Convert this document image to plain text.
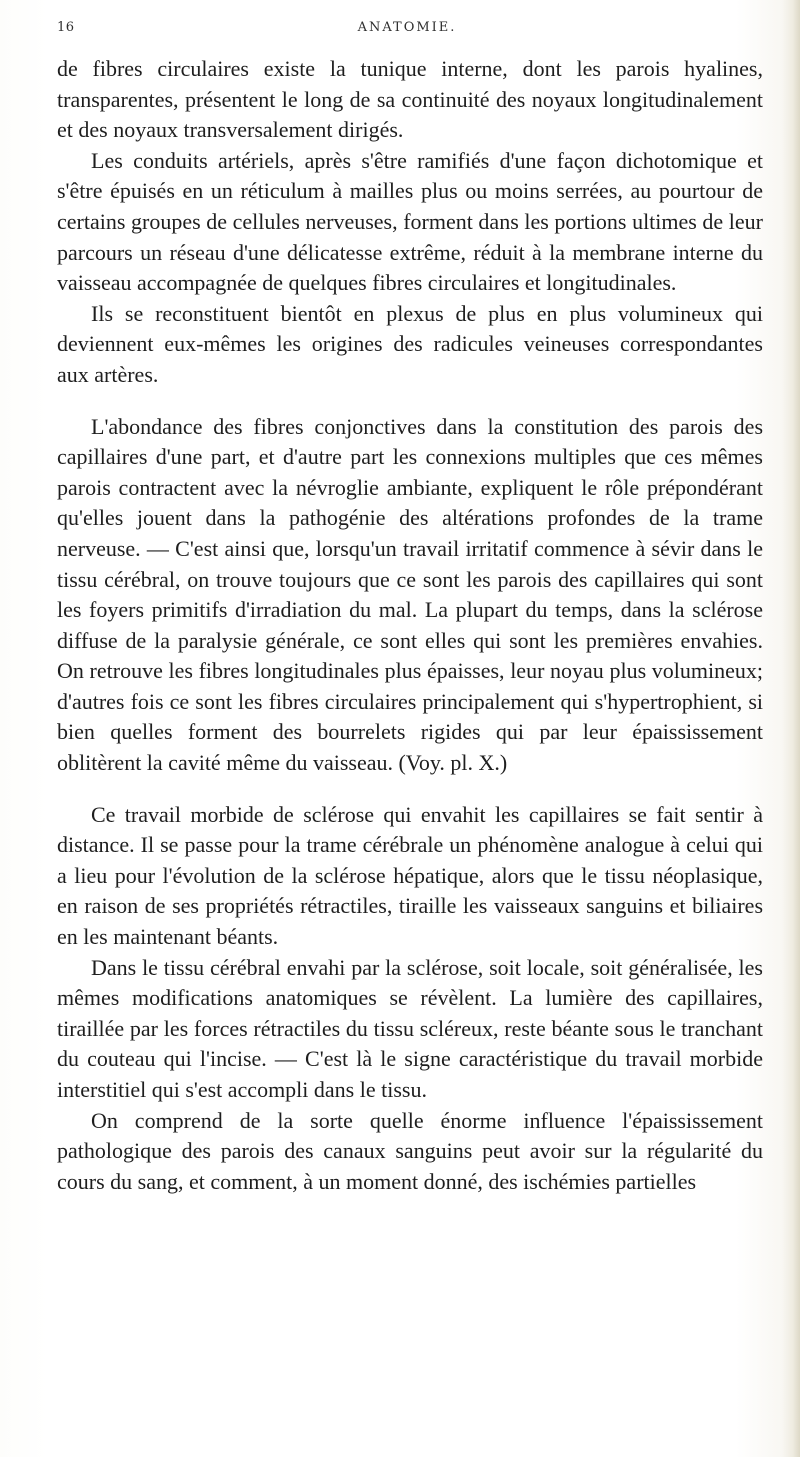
16	ANATOMIE.

de fibres circulaires existe la tunique interne, dont les parois hyalines, transparentes, présentent le long de sa continuité des noyaux longitudinalement et des noyaux transversalement dirigés.

Les conduits artériels, après s'être ramifiés d'une façon dichotomique et s'être épuisés en un réticulum à mailles plus ou moins serrées, au pourtour de certains groupes de cellules nerveuses, forment dans les portions ultimes de leur parcours un réseau d'une délicatesse extrême, réduit à la membrane interne du vaisseau accompagnée de quelques fibres circulaires et longitudinales.

Ils se reconstituent bientôt en plexus de plus en plus volumineux qui deviennent eux-mêmes les origines des radicules veineuses correspondantes aux artères.

L'abondance des fibres conjonctives dans la constitution des parois des capillaires d'une part, et d'autre part les connexions multiples que ces mêmes parois contractent avec la névroglie ambiante, expliquent le rôle prépondérant qu'elles jouent dans la pathogénie des altérations profondes de la trame nerveuse. — C'est ainsi que, lorsqu'un travail irritatif commence à sévir dans le tissu cérébral, on trouve toujours que ce sont les parois des capillaires qui sont les foyers primitifs d'irradiation du mal. La plupart du temps, dans la sclérose diffuse de la paralysie générale, ce sont elles qui sont les premières envahies. On retrouve les fibres longitudinales plus épaisses, leur noyau plus volumineux; d'autres fois ce sont les fibres circulaires principalement qui s'hypertrophient, si bien quelles forment des bourrelets rigides qui par leur épaississement oblitèrent la cavité même du vaisseau. (Voy. pl. X.)

Ce travail morbide de sclérose qui envahit les capillaires se fait sentir à distance. Il se passe pour la trame cérébrale un phénomène analogue à celui qui a lieu pour l'évolution de la sclérose hépatique, alors que le tissu néoplasique, en raison de ses propriétés rétractiles, tiraille les vaisseaux sanguins et biliaires en les maintenant béants.

Dans le tissu cérébral envahi par la sclérose, soit locale, soit généralisée, les mêmes modifications anatomiques se révèlent. La lumière des capillaires, tiraillée par les forces rétractiles du tissu scléreux, reste béante sous le tranchant du couteau qui l'incise. — C'est là le signe caractéristique du travail morbide interstitiel qui s'est accompli dans le tissu.

On comprend de la sorte quelle énorme influence l'épaississement pathologique des parois des canaux sanguins peut avoir sur la régularité du cours du sang, et comment, à un moment donné, des ischémies partielles
